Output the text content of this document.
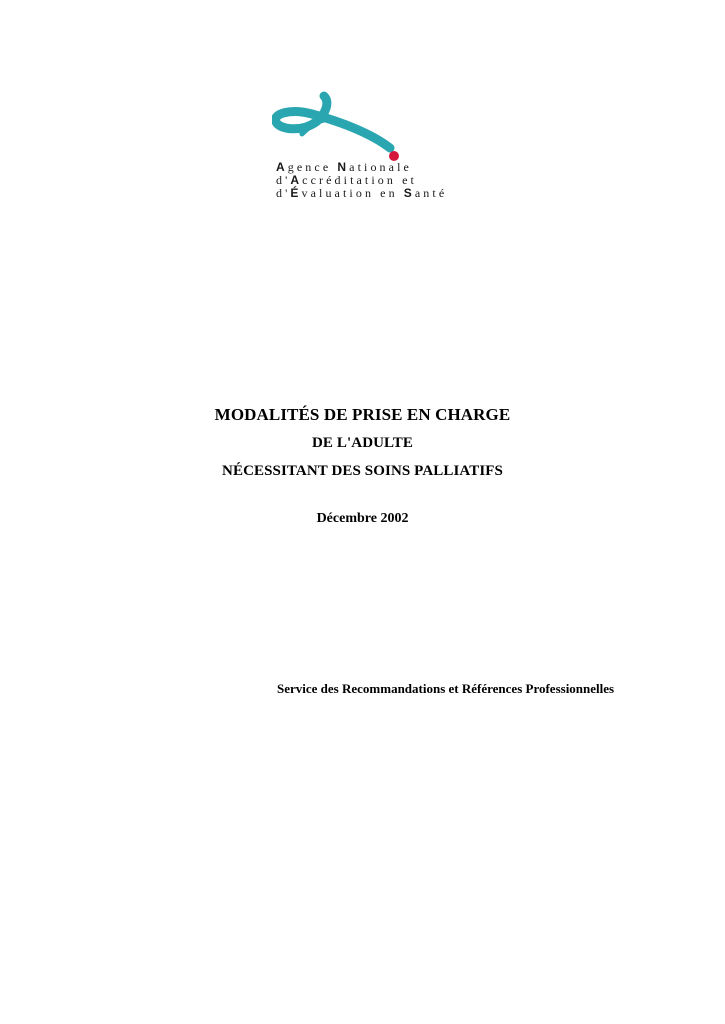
Agence Nationale
d'Accréditation et
d'Évaluation en Santé
MODALITÉS DE PRISE EN CHARGE
DE L'ADULTE
NÉCESSITANT DES SOINS PALLIATIFS
Décembre 2002
Service des Recommandations et Références Professionnelles
